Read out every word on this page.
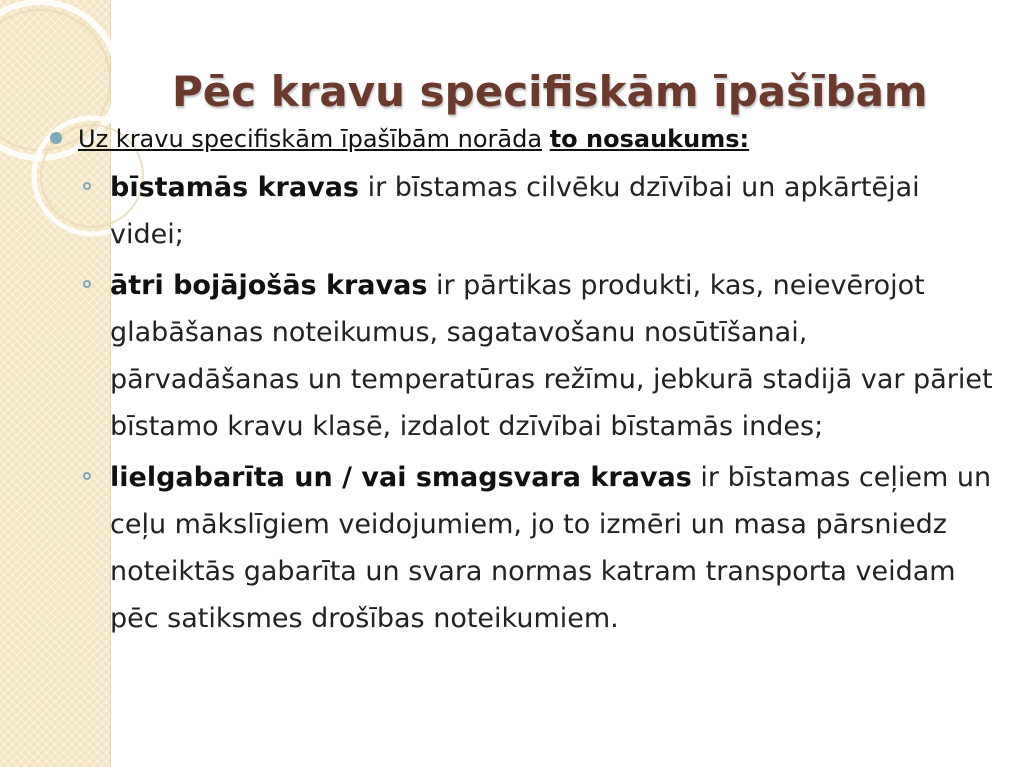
Pēc kravu specifiskām īpašībām
Uz kravu specifiskām īpašībām norāda to nosaukums:
bīstamās kravas ir bīstamas cilvēku dzīvībai un apkārtējai videi;
ātri bojājošās kravas ir pārtikas produkti, kas, neievērojot glabāšanas noteikumus, sagatavošanu nosūtīšanai, pārvadāšanas un temperatūras režīmu, jebkurā stadijā var pāriet bīstamo kravu klasē, izdalot dzīvībai bīstamās indes;
lielgabarīta un / vai smagsvara kravas ir bīstamas ceļiem un ceļu mākslīgiem veidojumiem, jo to izmēri un masa pārsniedz noteiktās gabarīta un svara normas katram transporta veidam pēc satiksmes drošības noteikumiem.
